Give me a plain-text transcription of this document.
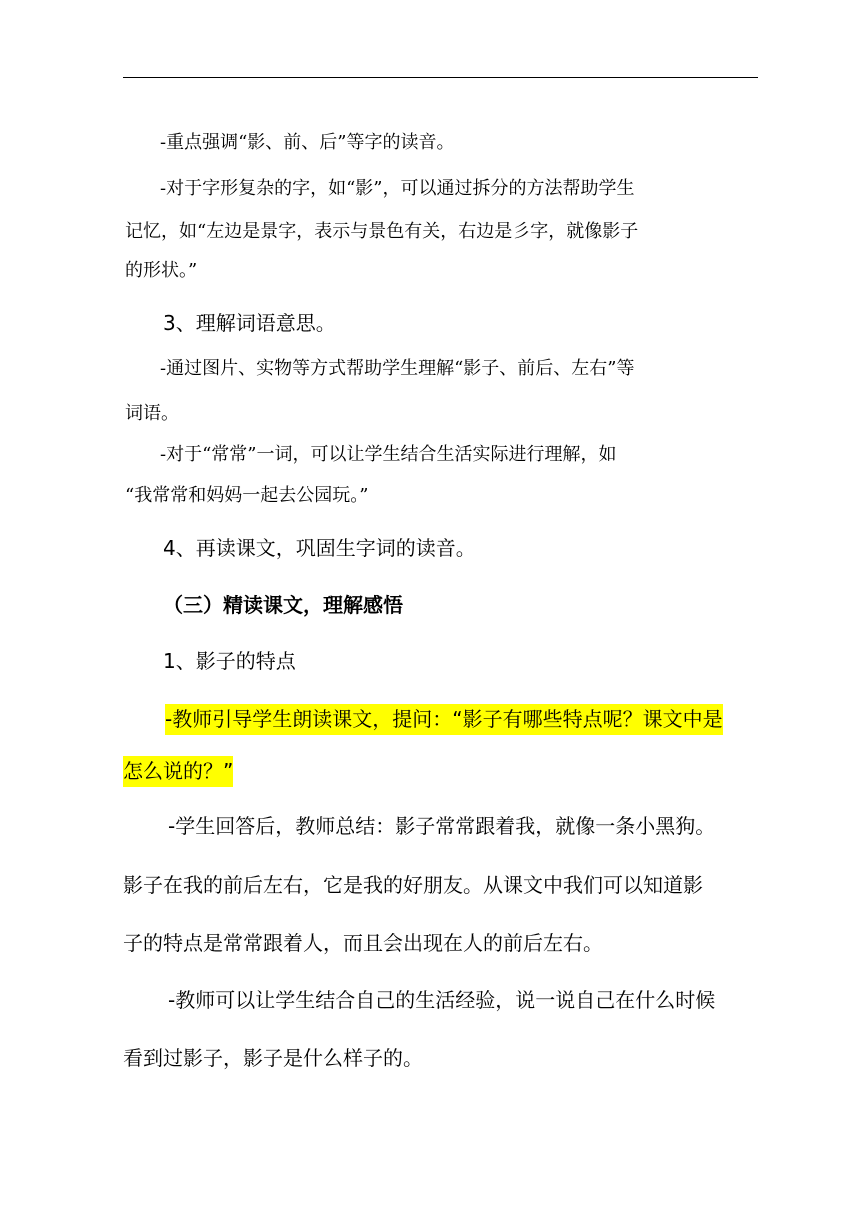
-重点强调“影、前、后”等字的读音。
-对于字形复杂的字，如“影”，可以通过拆分的方法帮助学生
记忆，如“左边是景字，表示与景色有关，右边是彡字，就像影子
的形状。”
3、理解词语意思。
-通过图片、实物等方式帮助学生理解“影子、前后、左右”等
词语。
-对于“常常”一词，可以让学生结合生活实际进行理解，如
“我常常和妈妈一起去公园玩。”
4、再读课文，巩固生字词的读音。
（三）精读课文，理解感悟
1、影子的特点
-教师引导学生朗读课文，提问：“影子有哪些特点呢？课文中是
怎么说的？”
-学生回答后，教师总结：影子常常跟着我，就像一条小黑狗。
影子在我的前后左右，它是我的好朋友。从课文中我们可以知道影
子的特点是常常跟着人，而且会出现在人的前后左右。
-教师可以让学生结合自己的生活经验，说一说自己在什么时候
看到过影子，影子是什么样子的。
